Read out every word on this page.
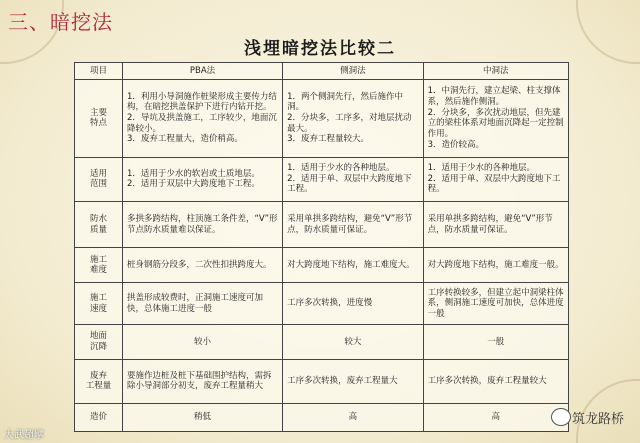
三、暗挖法
浅埋暗挖法比较二
项目	PBA法	侧洞法	中洞法

主要
特点	1．利用小导洞施作桩梁形成主要传力结构，在暗挖拱盖保护下进行内钻开挖。
2．导坑及拱盖施工，工序较少，地面沉降较小。
3．废弃工程量大，造价稍高。	1．两个侧洞先行，然后施作中洞。
2．分块多，工序多，对地层扰动最大。
3．废弃工程量较大。	1．中洞先行，建立起梁、柱支撑体系，然后施作侧洞。
2．分块多，多次扰动地层，但先建立的梁柱体系对地面沉降起一定控制作用。
3．造价较高。

适用
范围	1．适用于少水的软岩或土质地层。
2．适用于双层中大跨度地下工程。	1．适用于少水的各种地层。
2．适用于单、双层中大跨度地下工程。	1．适用于少水的各种地层。
2．适用于单、双层中大跨度地下工程。

防水
质量	多拱多跨结构，柱顶施工条件差，“V”形节点防水质量难以保证。	采用单拱多跨结构，避免“V”形节点，防水质量可保证。	采用单拱多跨结构，避免“V”形节点，防水质量可保证。

施工
难度	桩身钢筋分段多，二次性扣拱跨度大。	对大跨度地下结构，施工难度大。	对大跨度地下结构，施工难度一般。

施工
速度	拱盖形成较费时，正洞施工速度可加快，总体施工进度一般	工序多次转换，进度慢	工序转换较多，但建立起中洞梁柱体系，侧洞施工速度可加快，总体进度一般

地面
沉降	较小	较大	一般

废弃
工程量	要施作边桩及桩下基础围护结构，需拆除小导洞部分初支，废弃工程量稍大	工序多次转换，废弃工程量大	工序多次转换，废弃工程量较大

造价	稍低	高	高
大武超擘
筑龙路桥
